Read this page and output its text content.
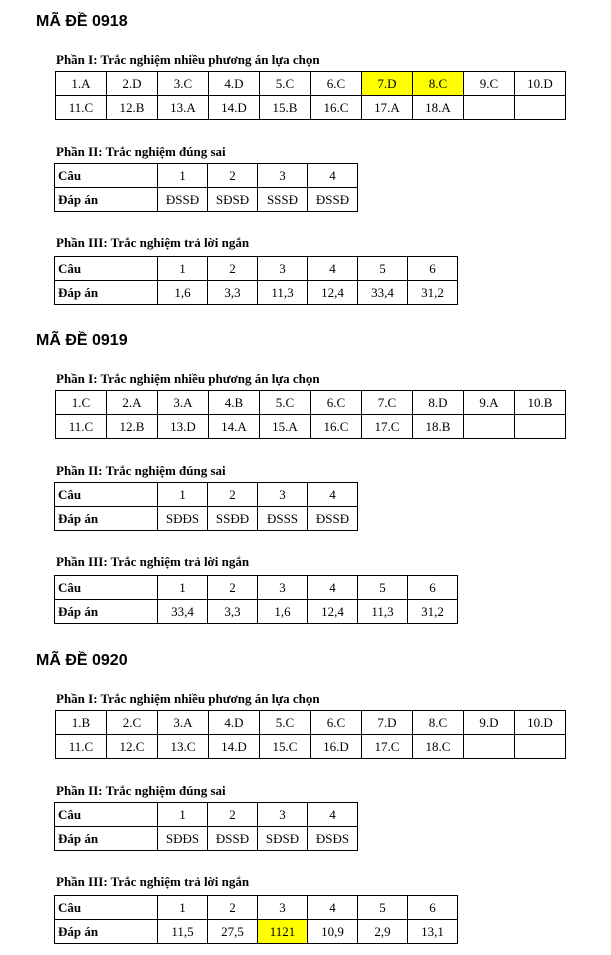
MÃ ĐỀ 0918
Phần I: Trắc nghiệm nhiều phương án lựa chọn
1.A	2.D	3.C	4.D	5.C	6.C	7.D	8.C	9.C	10.D
11.C	12.B	13.A	14.D	15.B	16.C	17.A	18.A		
Phần II: Trắc nghiệm đúng sai
Câu	1	2	3	4
Đáp án	ĐSSĐ	SĐSĐ	SSSĐ	ĐSSĐ
Phần III: Trắc nghiệm trả lời ngắn
Câu	1	2	3	4	5	6
Đáp án	1,6	3,3	11,3	12,4	33,4	31,2
MÃ ĐỀ 0919
Phần I: Trắc nghiệm nhiều phương án lựa chọn
1.C	2.A	3.A	4.B	5.C	6.C	7.C	8.D	9.A	10.B
11.C	12.B	13.D	14.A	15.A	16.C	17.C	18.B		
Phần II: Trắc nghiệm đúng sai
Câu	1	2	3	4
Đáp án	SĐĐS	SSĐĐ	ĐSSS	ĐSSĐ
Phần III: Trắc nghiệm trả lời ngắn
Câu	1	2	3	4	5	6
Đáp án	33,4	3,3	1,6	12,4	11,3	31,2
MÃ ĐỀ 0920
Phần I: Trắc nghiệm nhiều phương án lựa chọn
1.B	2.C	3.A	4.D	5.C	6.C	7.D	8.C	9.D	10.D
11.C	12.C	13.C	14.D	15.C	16.D	17.C	18.C		
Phần II: Trắc nghiệm đúng sai
Câu	1	2	3	4
Đáp án	SĐĐS	ĐSSĐ	SĐSĐ	ĐSĐS
Phần III: Trắc nghiệm trả lời ngắn
Câu	1	2	3	4	5	6
Đáp án	11,5	27,5	1121	10,9	2,9	13,1
